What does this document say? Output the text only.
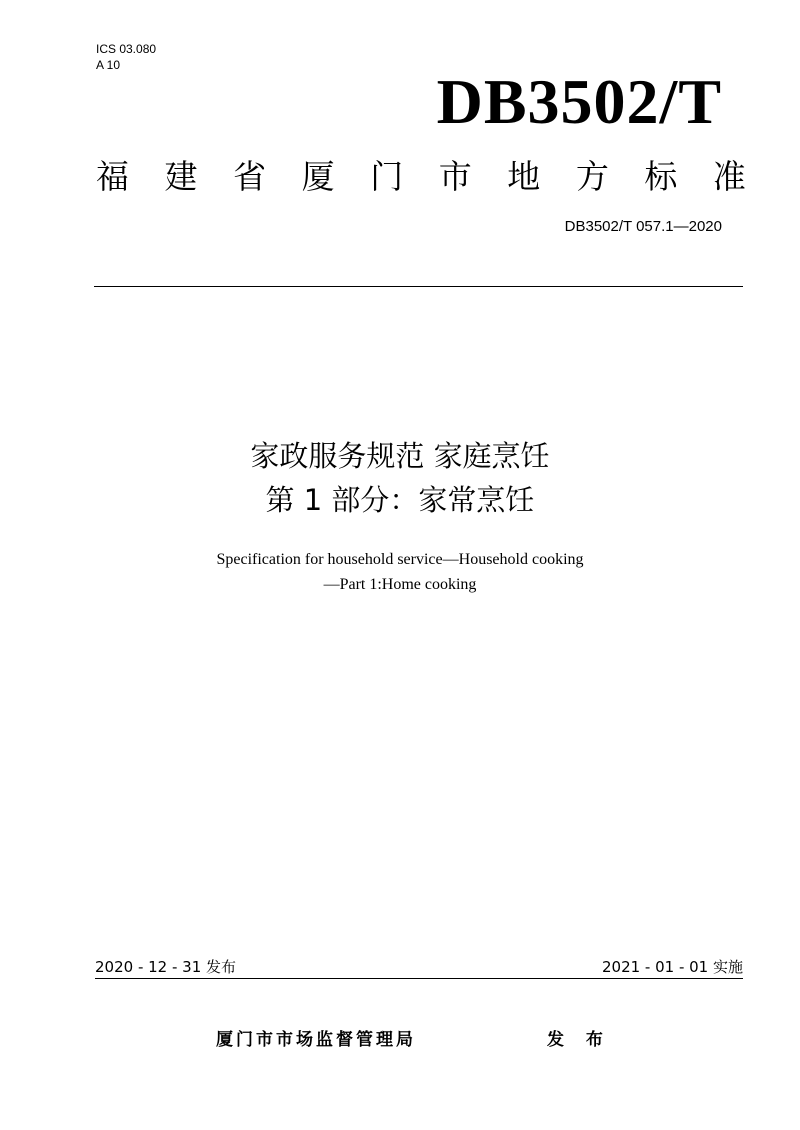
ICS 03.080
A 10
DB3502/T
福 建 省 厦 门 市 地 方 标 准
DB3502/T 057.1—2020
家政服务规范 家庭烹饪
第 1 部分：家常烹饪
Specification for household service—Household cooking
—Part 1:Home cooking
2020 - 12 - 31 发布	2021 - 01 - 01 实施
厦门市市场监督管理局	发 布
